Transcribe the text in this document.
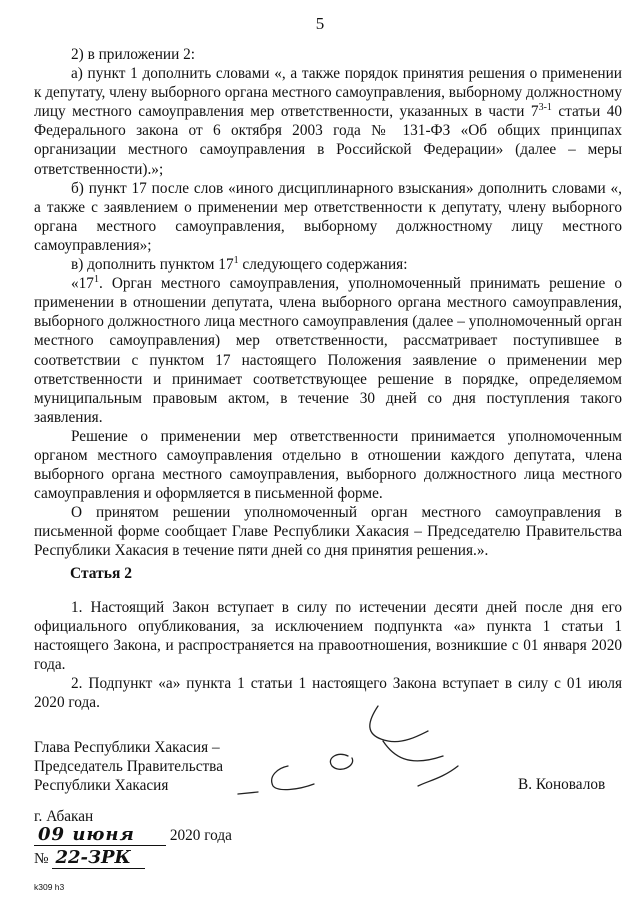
5

2) в приложении 2:

а) пункт 1 дополнить словами «, а также порядок принятия решения о применении к депутату, члену выборного органа местного самоуправления, выборному должностному лицу местного самоуправления мер ответственности, указанных в части 7$^{3-1}$ статьи 40 Федерального закона от 6 октября 2003 года № 131-ФЗ «Об общих принципах организации местного самоуправления в Российской Федерации» (далее – меры ответственности).»;

б) пункт 17 после слов «иного дисциплинарного взыскания» дополнить словами «, а также с заявлением о применении мер ответственности к депутату, члену выборного органа местного самоуправления, выборному должностному лицу местного самоуправления»;

в) дополнить пунктом $17^1$ следующего содержания:

«$17^1$. Орган местного самоуправления, уполномоченный принимать решение о применении в отношении депутата, члена выборного органа местного самоуправления, выборного должностного лица местного самоуправления (далее – уполномоченный орган местного самоуправления) мер ответственности, рассматривает поступившее в соответствии с пунктом 17 настоящего Положения заявление о применении мер ответственности и принимает соответствующее решение в порядке, определяемом муниципальным правовым актом, в течение 30 дней со дня поступления такого заявления.

Решение о применении мер ответственности принимается уполномоченным органом местного самоуправления отдельно в отношении каждого депутата, члена выборного органа местного самоуправления, выборного должностного лица местного самоуправления и оформляется в письменной форме.

О принятом решении уполномоченный орган местного самоуправления в письменной форме сообщает Главе Республики Хакасия – Председателю Правительства Республики Хакасия в течение пяти дней со дня принятия решения.».

Статья 2

1. Настоящий Закон вступает в силу по истечении десяти дней после дня его официального опубликования, за исключением подпункта «а» пункта 1 статьи 1 настоящего Закона, и распространяется на правоотношения, возникшие с 01 января 2020 года.

2. Подпункт «а» пункта 1 статьи 1 настоящего Закона вступает в силу с 01 июля 2020 года.

Глава Республики Хакасия –
Председатель Правительства
Республики Хакасия	В. Коновалов
г. Абакан
09 июня 2020 года
№ 22-ЗРК
k309 h3
